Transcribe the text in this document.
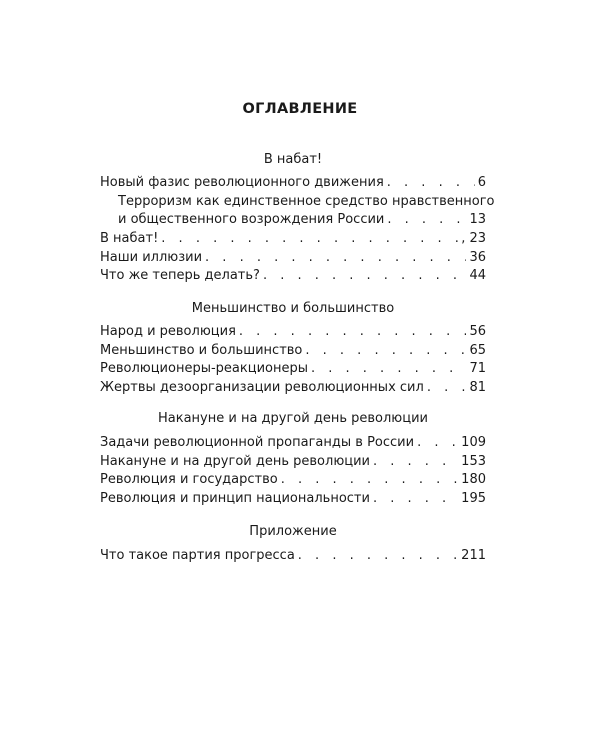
ОГЛАВЛЕНИЕ
В набат!
Новый фазис революционного движения . . .	6
Терроризм как единственное средство нравственного
и общественного возрождения России . . .	13
В набат! . . .	, 23
Наши иллюзии . . .	36
Что же теперь делать? . . .	44
Меньшинство и большинство
Народ и революция . . .	56
Меньшинство и большинство . . .	65
Революционеры-реакционеры . . .	71
Жертвы дезоорганизации революционных сил . . .	81
Накануне и на другой день революции
Задачи революционной пропаганды в России . . .	109
Накануне и на другой день революции . . .	153
Революция и государство . . .	180
Революция и принцип национальности . . .	195
Приложение
Что такое партия прогресса . . .	211
